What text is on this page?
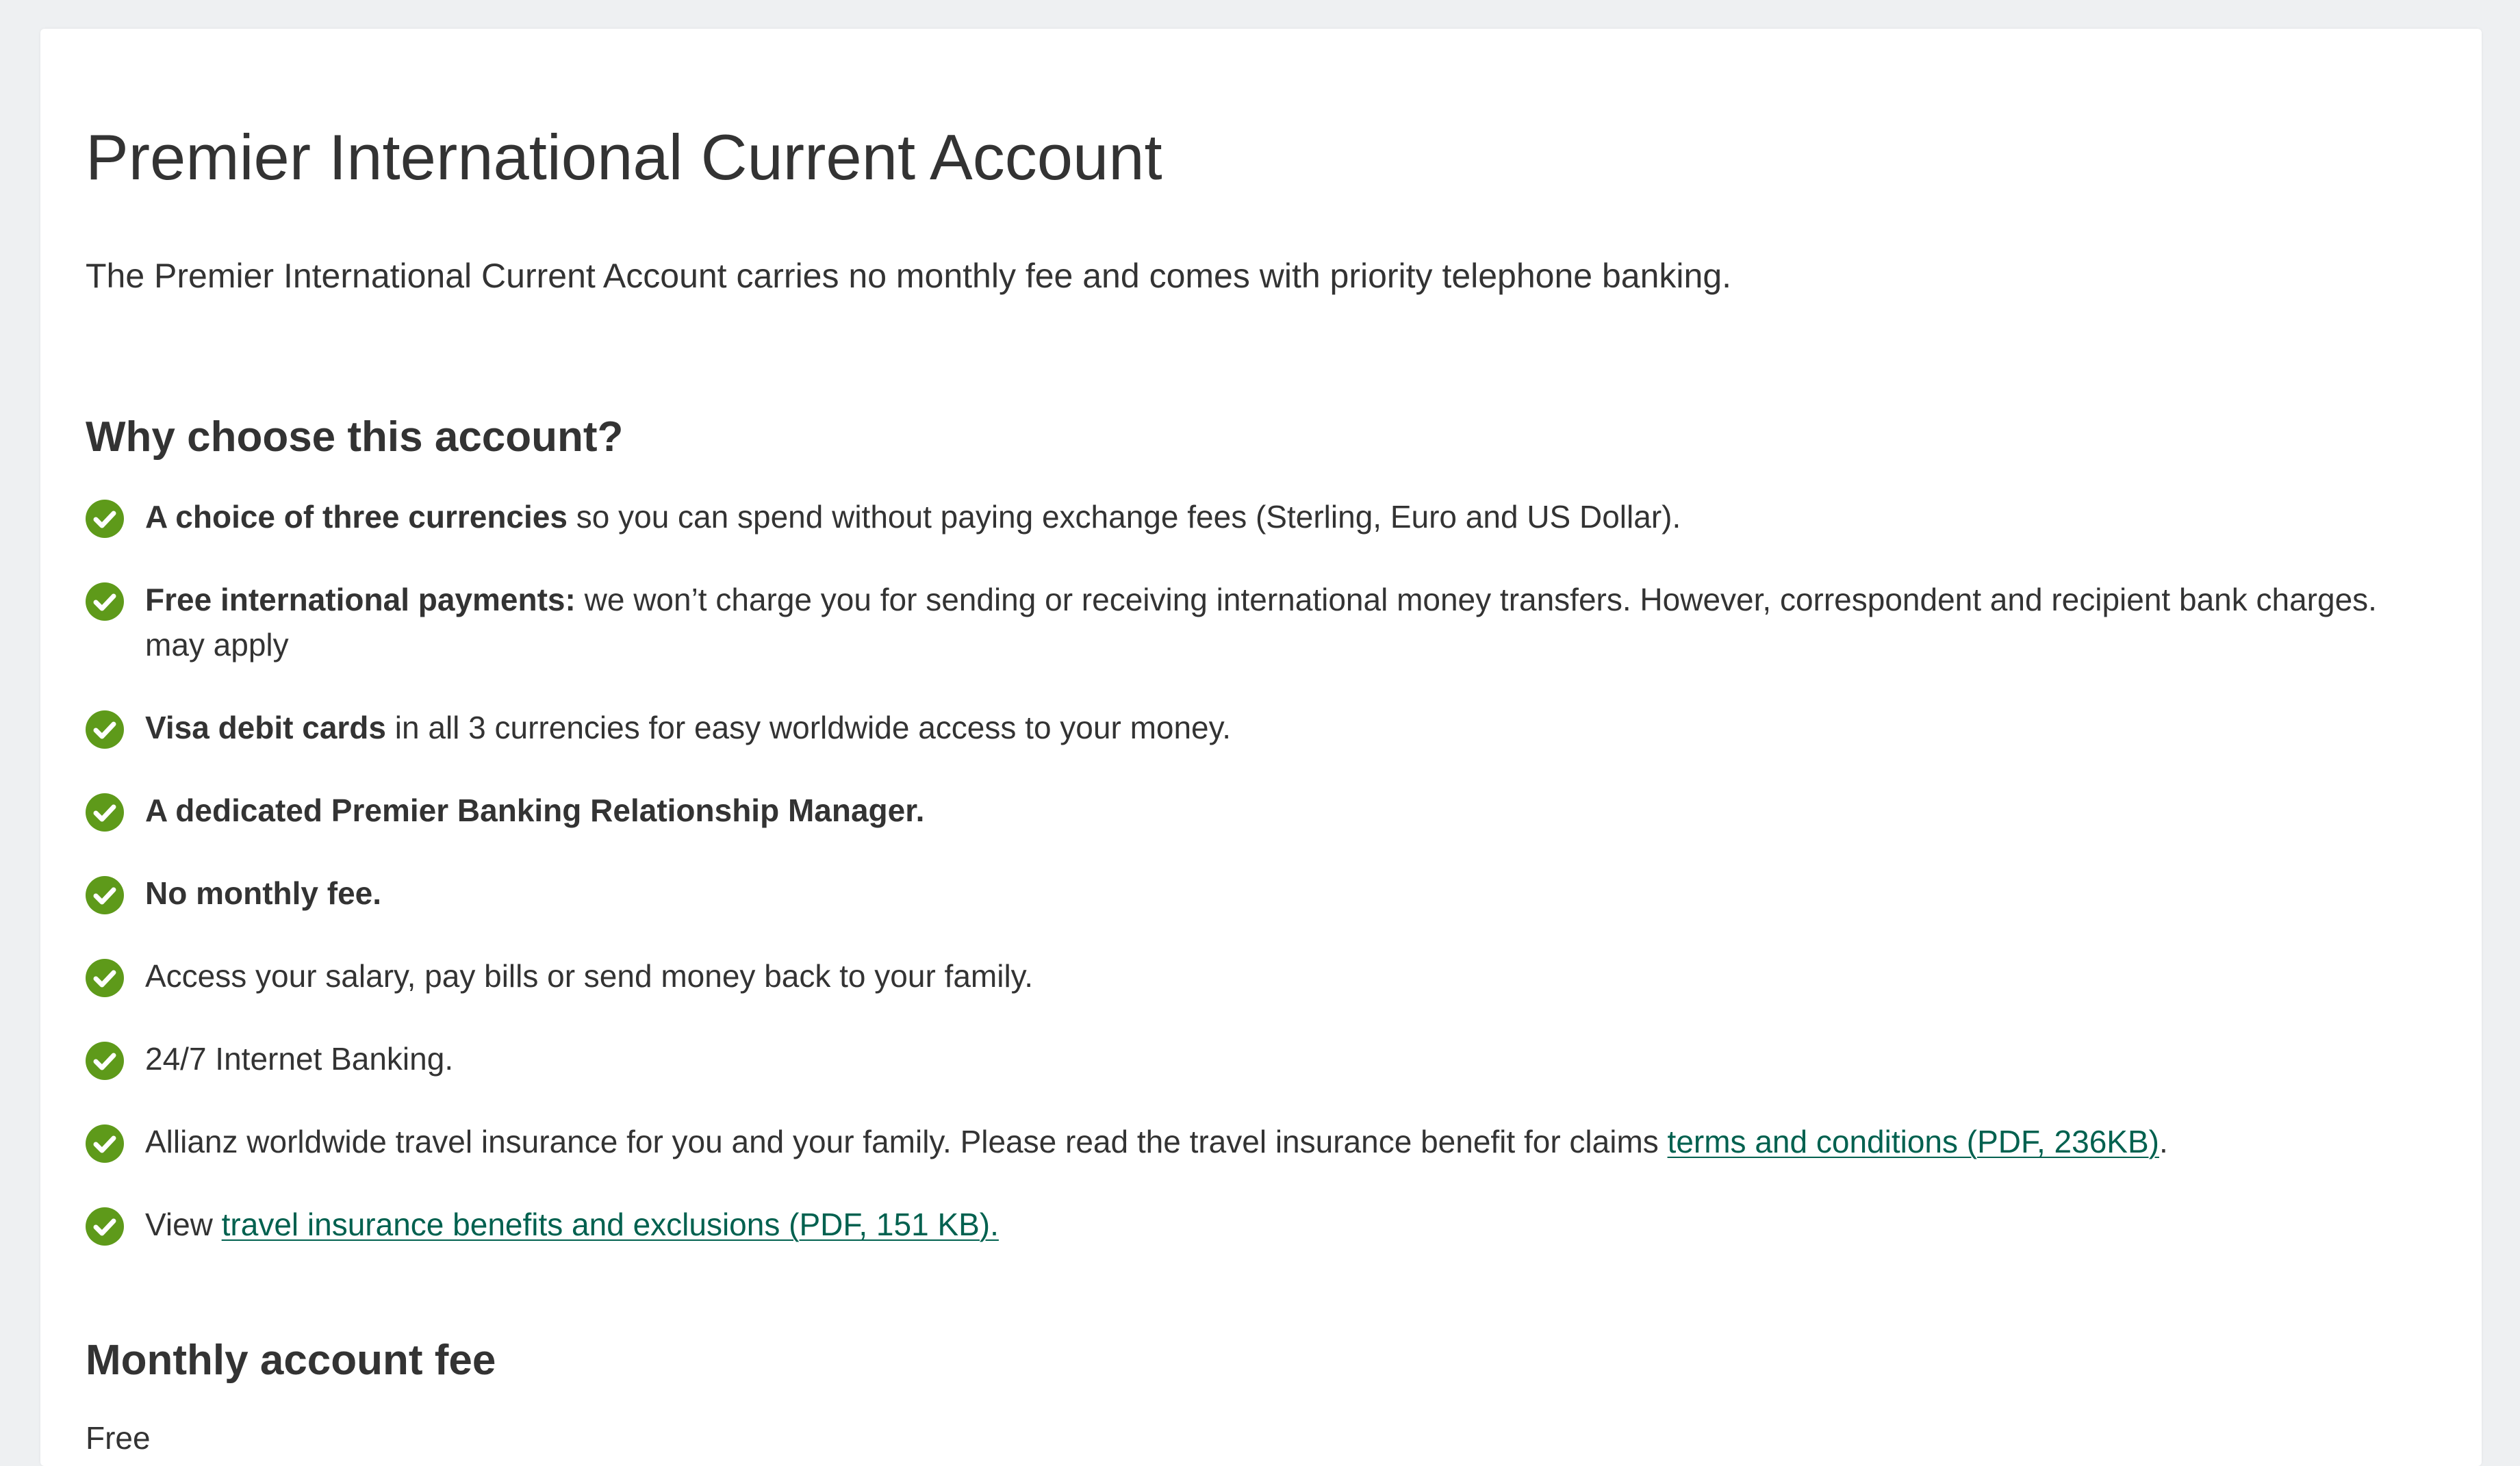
Premier International Current Account

The Premier International Current Account carries no monthly fee and comes with priority telephone banking.

Why choose this account?
A choice of three currencies so you can spend without paying exchange fees (Sterling, Euro and US Dollar).
Free international payments: we won’t charge you for sending or receiving international money transfers. However, correspondent and recipient bank charges. may apply
Visa debit cards in all 3 currencies for easy worldwide access to your money.
A dedicated Premier Banking Relationship Manager.
No monthly fee.
Access your salary, pay bills or send money back to your family.
24/7 Internet Banking.
Allianz worldwide travel insurance for you and your family. Please read the travel insurance benefit for claims terms and conditions (PDF, 236KB).
View travel insurance benefits and exclusions (PDF, 151 KB).
Monthly account fee

Free
